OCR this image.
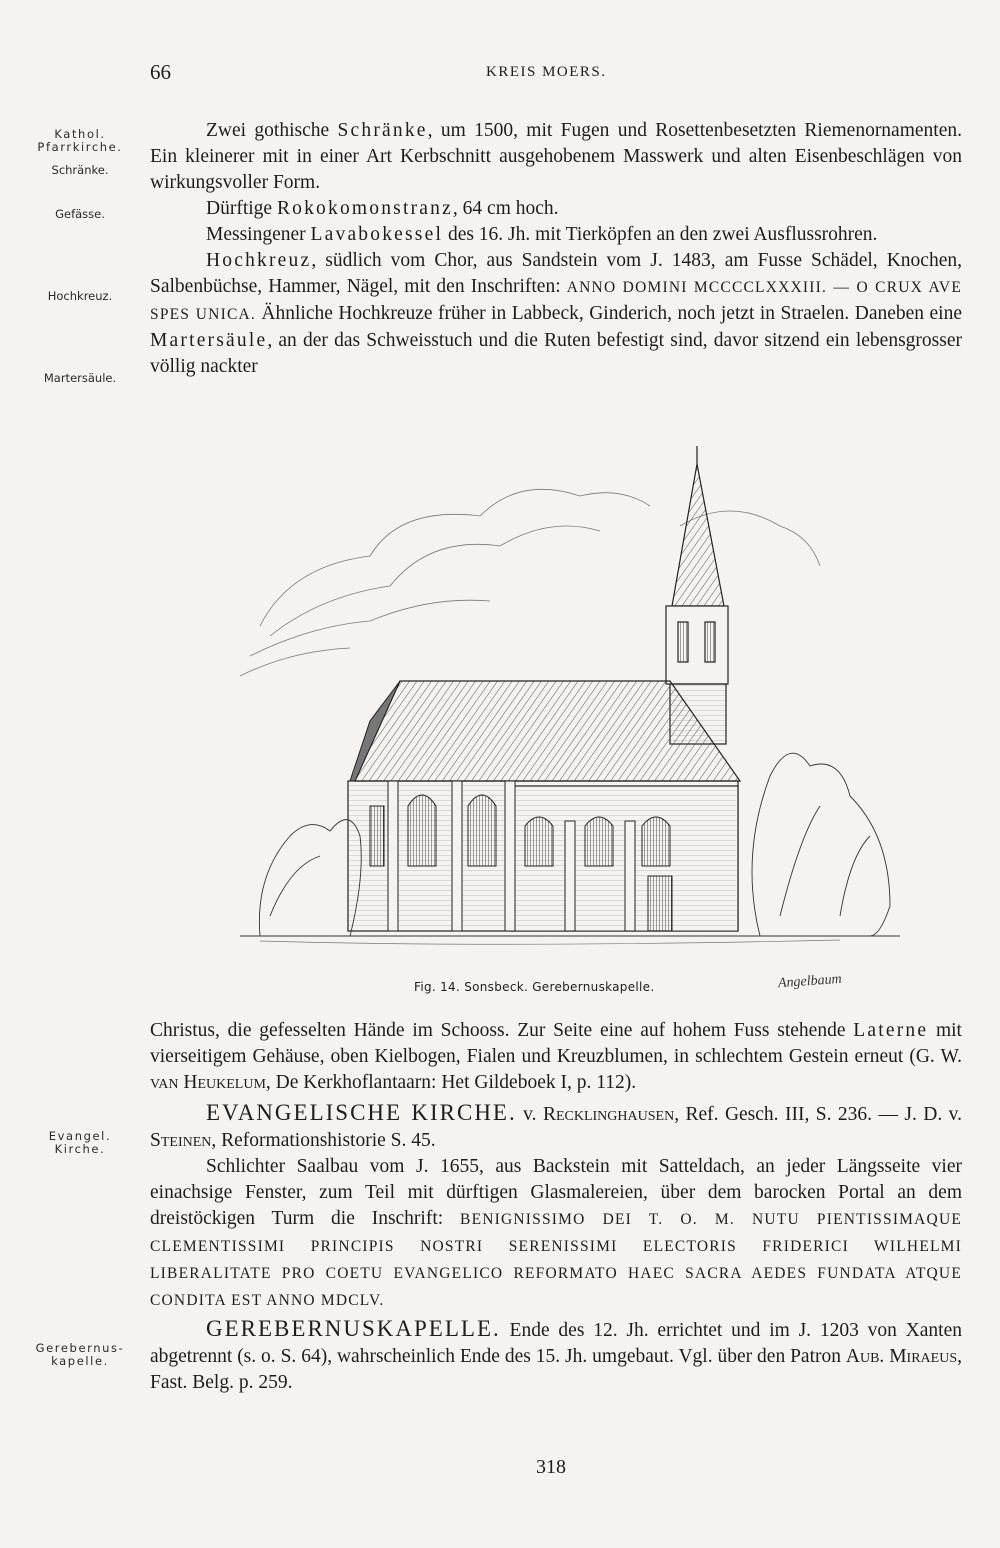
66	KREIS MOERS.
Kathol.
Pfarrkirche.
Schränke.
Gefässe.
Hochkreuz.
Martersäule.
Evangel.
Kirche.
Gerebernus-
kapelle.

Zwei gothische Schränke, um 1500, mit Fugen und Rosettenbesetzten Riemenornamenten. Ein kleinerer mit in einer Art Kerbschnitt ausgehobenem Masswerk und alten Eisenbeschlägen von wirkungsvoller Form.

Dürftige Rokokomonstranz, 64 cm hoch.

Messingener Lavabokessel des 16. Jh. mit Tierköpfen an den zwei Ausflussrohren.

Hochkreuz, südlich vom Chor, aus Sandstein vom J. 1483, am Fusse Schädel, Knochen, Salbenbüchse, Hammer, Nägel, mit den Inschriften: ANNO DOMINI MCCCCLXXXIII. — O CRUX AVE SPES UNICA. Ähnliche Hochkreuze früher in Labbeck, Ginderich, noch jetzt in Straelen. Daneben eine Martersäule, an der das Schweisstuch und die Ruten befestigt sind, davor sitzend ein lebensgrosser völlig nackter

Fig. 14. Sonsbeck. Gerebernuskapelle.	Angelbaum

Christus, die gefesselten Hände im Schooss. Zur Seite eine auf hohem Fuss stehende Laterne mit vierseitigem Gehäuse, oben Kielbogen, Fialen und Kreuzblumen, in schlechtem Gestein erneut (G. W. van Heukelum, De Kerkhoflantaarn: Het Gildeboek I, p. 112).

EVANGELISCHE KIRCHE. v. Recklinghausen, Ref. Gesch. III, S. 236. — J. D. v. Steinen, Reformationshistorie S. 45.

Schlichter Saalbau vom J. 1655, aus Backstein mit Satteldach, an jeder Längsseite vier einachsige Fenster, zum Teil mit dürftigen Glasmalereien, über dem barocken Portal an dem dreistöckigen Turm die Inschrift: BENIGNISSIMO DEI T. O. M. NUTU PIENTISSIMAQUE CLEMENTISSIMI PRINCIPIS NOSTRI SERENISSIMI ELECTORIS FRIDERICI WILHELMI LIBERALITATE PRO COETU EVANGELICO REFORMATO HAEC SACRA AEDES FUNDATA ATQUE CONDITA EST ANNO MDCLV.

GEREBERNUSKAPELLE. Ende des 12. Jh. errichtet und im J. 1203 von Xanten abgetrennt (s. o. S. 64), wahrscheinlich Ende des 15. Jh. umgebaut. Vgl. über den Patron Aub. Miraeus, Fast. Belg. p. 259.

318
